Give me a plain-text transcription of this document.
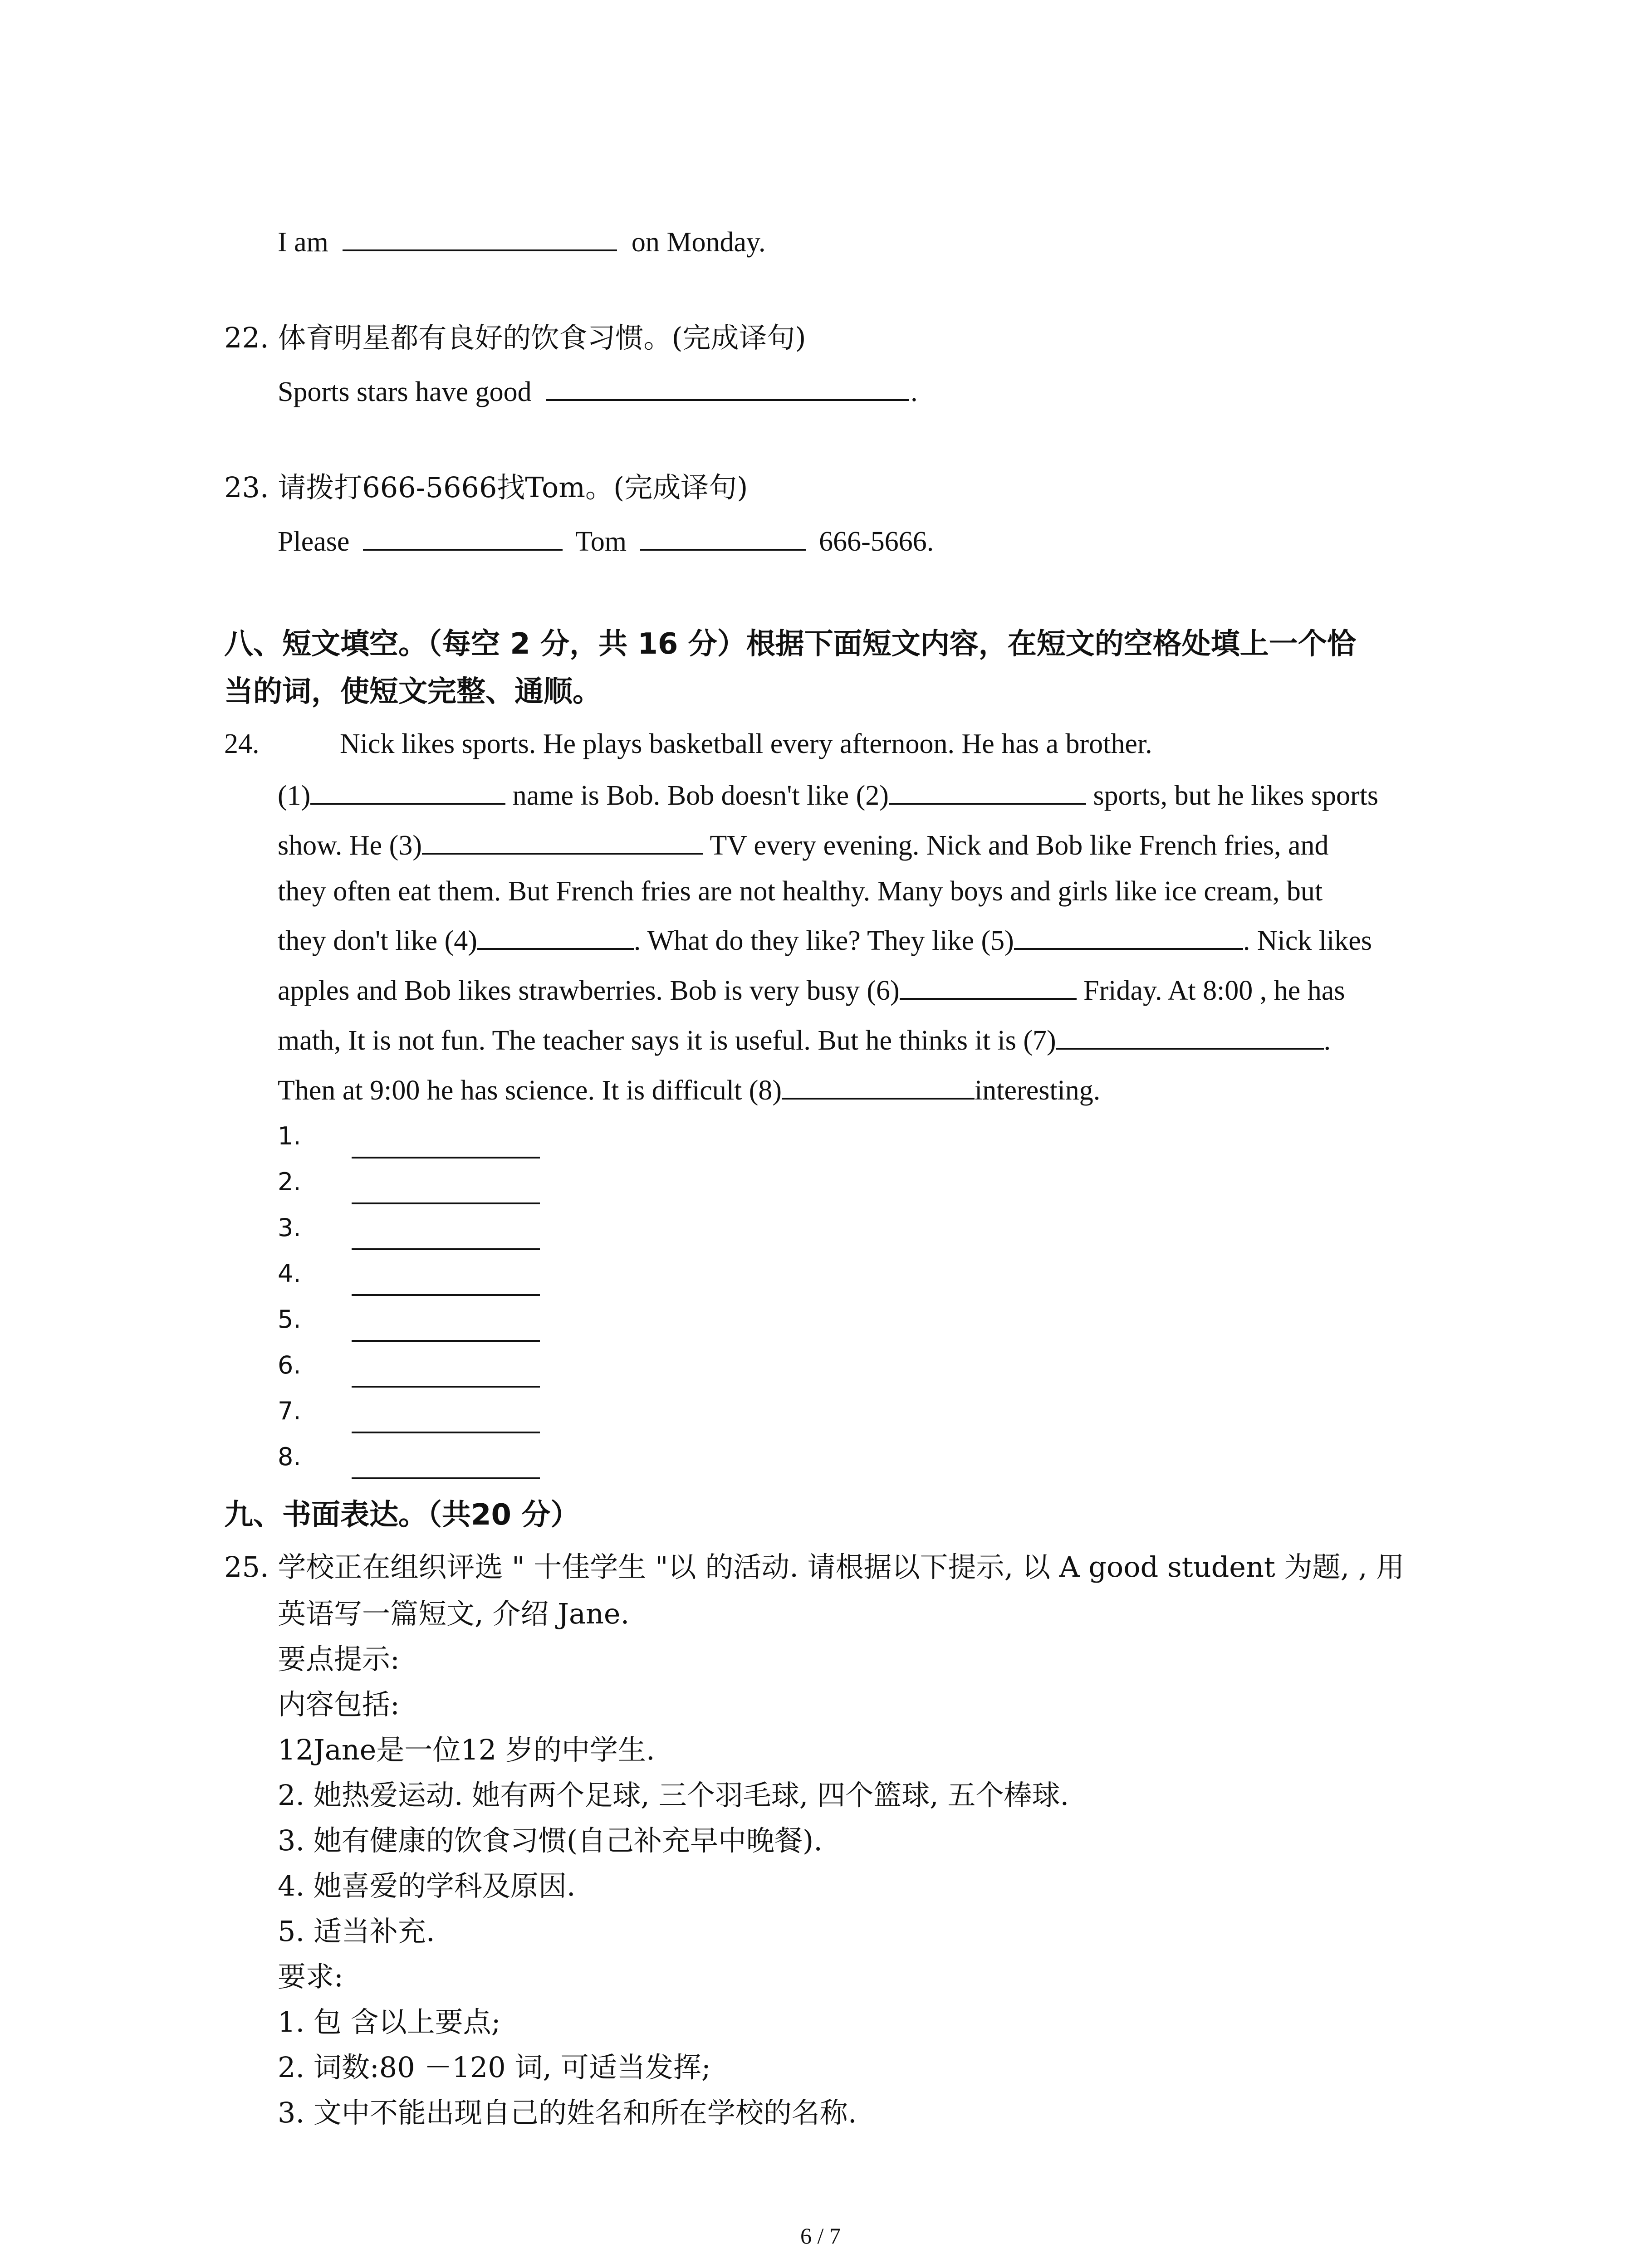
I am	on Monday.
22. 体育明星都有良好的饮食习惯。(完成译句)
Sports stars have good	.
23. 请拨打666-5666找Tom。(完成译句)
Please	Tom	666-5666.
八、短文填空。（每空 2 分，共 16 分）根据下面短文内容，在短文的空格处填上一个恰
当的词，使短文完整、通顺。
24.	Nick likes sports. He plays basketball every afternoon. He has a brother.
(1)	name is Bob. Bob doesn't like (2)	sports, but he likes sports
show. He (3)	TV every evening. Nick and Bob like French fries, and
they often eat them. But French fries are not healthy. Many boys and girls like ice cream, but
they don't like (4)	. What do they like? They like (5)	. Nick likes
apples and Bob likes strawberries. Bob is very busy (6)	Friday. At 8:00 , he has
math, It is not fun. The teacher says it is useful. But he thinks it is (7)	.
Then at 9:00 he has science. It is difficult (8)	interesting.
1.
2.
3.
4.
5.
6.
7.
8.
九、书面表达。（共20 分）
25. 学校正在组织评选 " 十佳学生 "以 的活动. 请根据以下提示, 以 A good student 为题, , 用
英语写一篇短文, 介绍 Jane.
要点提示:
内容包括:
12Jane是一位12 岁的中学生.
2. 她热爱运动. 她有两个足球, 三个羽毛球, 四个篮球, 五个棒球.
3. 她有健康的饮食习惯(自己补充早中晚餐).
4. 她喜爱的学科及原因.
5. 适当补充.
要求:
1. 包 含以上要点;
2. 词数:80 －120 词, 可适当发挥;
3. 文中不能出现自己的姓名和所在学校的名称.
6 / 7
